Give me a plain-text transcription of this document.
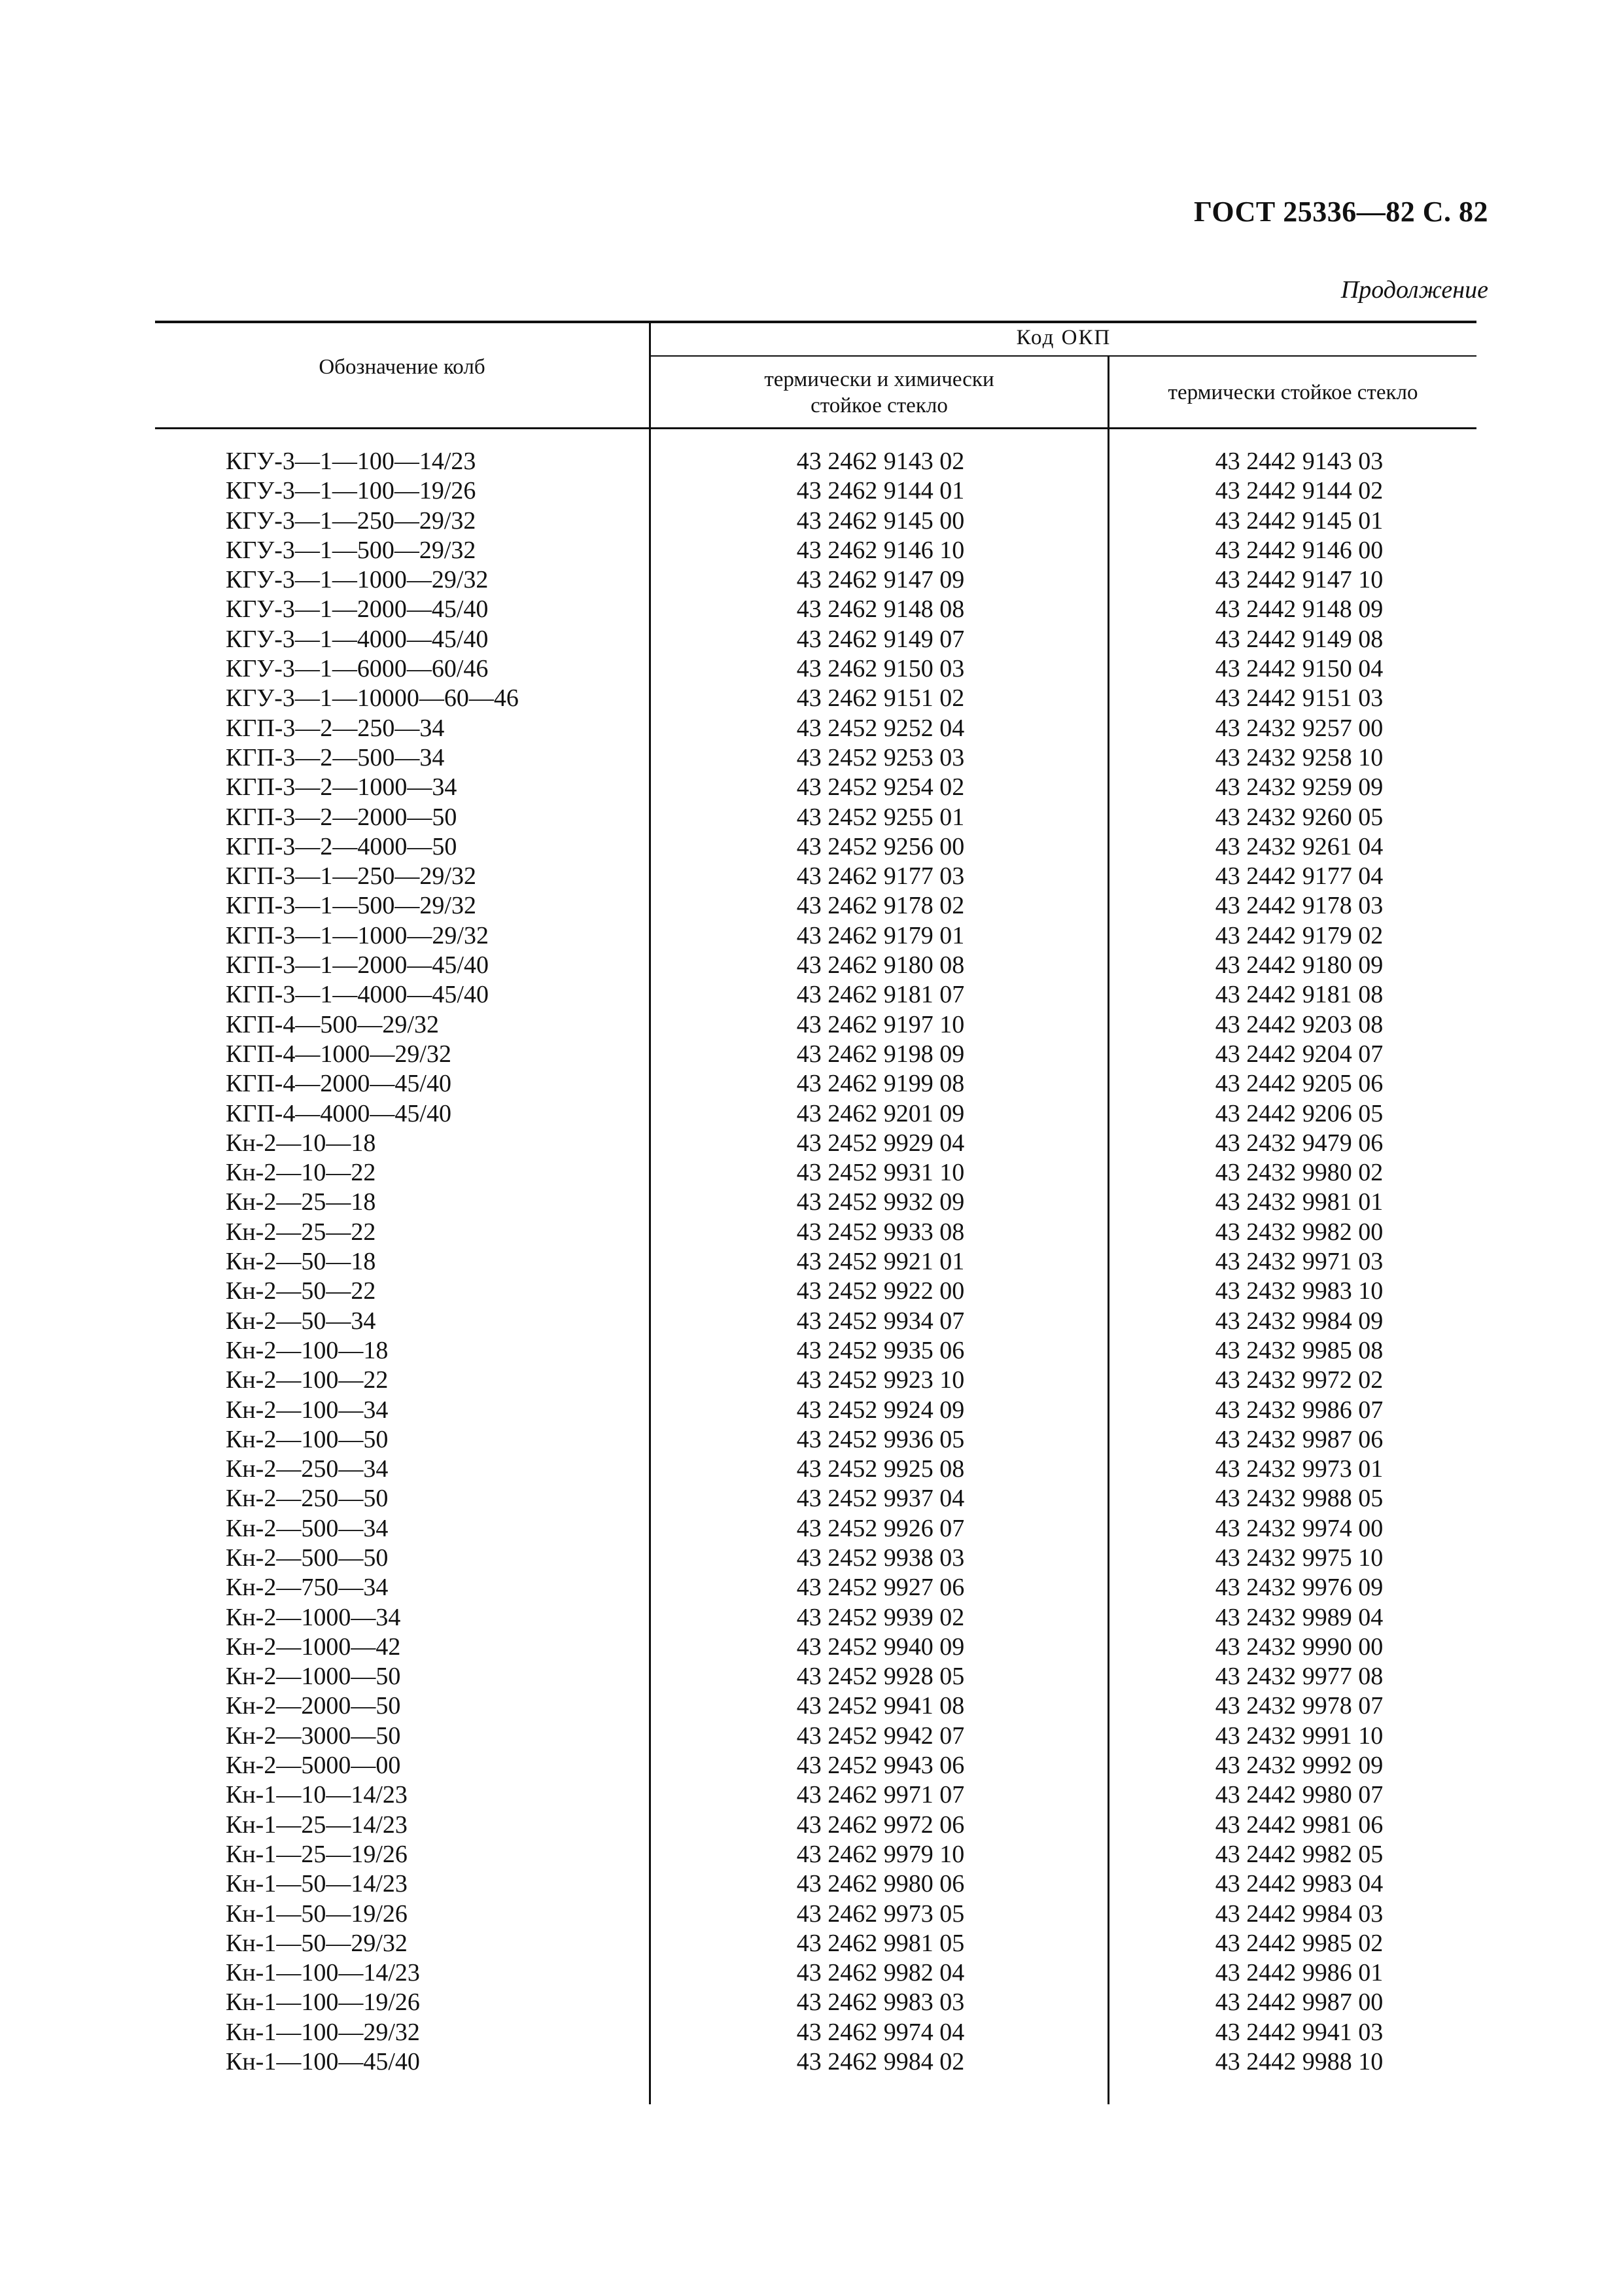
ГОСТ 25336—82 С. 82
Продолжение
Обозначение колб
Код ОКП
термически и химически
стойкое стекло
термически стойкое стекло
КГУ-3—1—100—14/23	43 2462 9143 02	43 2442 9143 03
КГУ-3—1—100—19/26	43 2462 9144 01	43 2442 9144 02
КГУ-3—1—250—29/32	43 2462 9145 00	43 2442 9145 01
КГУ-3—1—500—29/32	43 2462 9146 10	43 2442 9146 00
КГУ-3—1—1000—29/32	43 2462 9147 09	43 2442 9147 10
КГУ-3—1—2000—45/40	43 2462 9148 08	43 2442 9148 09
КГУ-3—1—4000—45/40	43 2462 9149 07	43 2442 9149 08
КГУ-3—1—6000—60/46	43 2462 9150 03	43 2442 9150 04
КГУ-3—1—10000—60—46	43 2462 9151 02	43 2442 9151 03
КГП-3—2—250—34	43 2452 9252 04	43 2432 9257 00
КГП-3—2—500—34	43 2452 9253 03	43 2432 9258 10
КГП-3—2—1000—34	43 2452 9254 02	43 2432 9259 09
КГП-3—2—2000—50	43 2452 9255 01	43 2432 9260 05
КГП-3—2—4000—50	43 2452 9256 00	43 2432 9261 04
КГП-3—1—250—29/32	43 2462 9177 03	43 2442 9177 04
КГП-3—1—500—29/32	43 2462 9178 02	43 2442 9178 03
КГП-3—1—1000—29/32	43 2462 9179 01	43 2442 9179 02
КГП-3—1—2000—45/40	43 2462 9180 08	43 2442 9180 09
КГП-3—1—4000—45/40	43 2462 9181 07	43 2442 9181 08
КГП-4—500—29/32	43 2462 9197 10	43 2442 9203 08
КГП-4—1000—29/32	43 2462 9198 09	43 2442 9204 07
КГП-4—2000—45/40	43 2462 9199 08	43 2442 9205 06
КГП-4—4000—45/40	43 2462 9201 09	43 2442 9206 05
Кн-2—10—18	43 2452 9929 04	43 2432 9479 06
Кн-2—10—22	43 2452 9931 10	43 2432 9980 02
Кн-2—25—18	43 2452 9932 09	43 2432 9981 01
Кн-2—25—22	43 2452 9933 08	43 2432 9982 00
Кн-2—50—18	43 2452 9921 01	43 2432 9971 03
Кн-2—50—22	43 2452 9922 00	43 2432 9983 10
Кн-2—50—34	43 2452 9934 07	43 2432 9984 09
Кн-2—100—18	43 2452 9935 06	43 2432 9985 08
Кн-2—100—22	43 2452 9923 10	43 2432 9972 02
Кн-2—100—34	43 2452 9924 09	43 2432 9986 07
Кн-2—100—50	43 2452 9936 05	43 2432 9987 06
Кн-2—250—34	43 2452 9925 08	43 2432 9973 01
Кн-2—250—50	43 2452 9937 04	43 2432 9988 05
Кн-2—500—34	43 2452 9926 07	43 2432 9974 00
Кн-2—500—50	43 2452 9938 03	43 2432 9975 10
Кн-2—750—34	43 2452 9927 06	43 2432 9976 09
Кн-2—1000—34	43 2452 9939 02	43 2432 9989 04
Кн-2—1000—42	43 2452 9940 09	43 2432 9990 00
Кн-2—1000—50	43 2452 9928 05	43 2432 9977 08
Кн-2—2000—50	43 2452 9941 08	43 2432 9978 07
Кн-2—3000—50	43 2452 9942 07	43 2432 9991 10
Кн-2—5000—00	43 2452 9943 06	43 2432 9992 09
Кн-1—10—14/23	43 2462 9971 07	43 2442 9980 07
Кн-1—25—14/23	43 2462 9972 06	43 2442 9981 06
Кн-1—25—19/26	43 2462 9979 10	43 2442 9982 05
Кн-1—50—14/23	43 2462 9980 06	43 2442 9983 04
Кн-1—50—19/26	43 2462 9973 05	43 2442 9984 03
Кн-1—50—29/32	43 2462 9981 05	43 2442 9985 02
Кн-1—100—14/23	43 2462 9982 04	43 2442 9986 01
Кн-1—100—19/26	43 2462 9983 03	43 2442 9987 00
Кн-1—100—29/32	43 2462 9974 04	43 2442 9941 03
Кн-1—100—45/40	43 2462 9984 02	43 2442 9988 10
